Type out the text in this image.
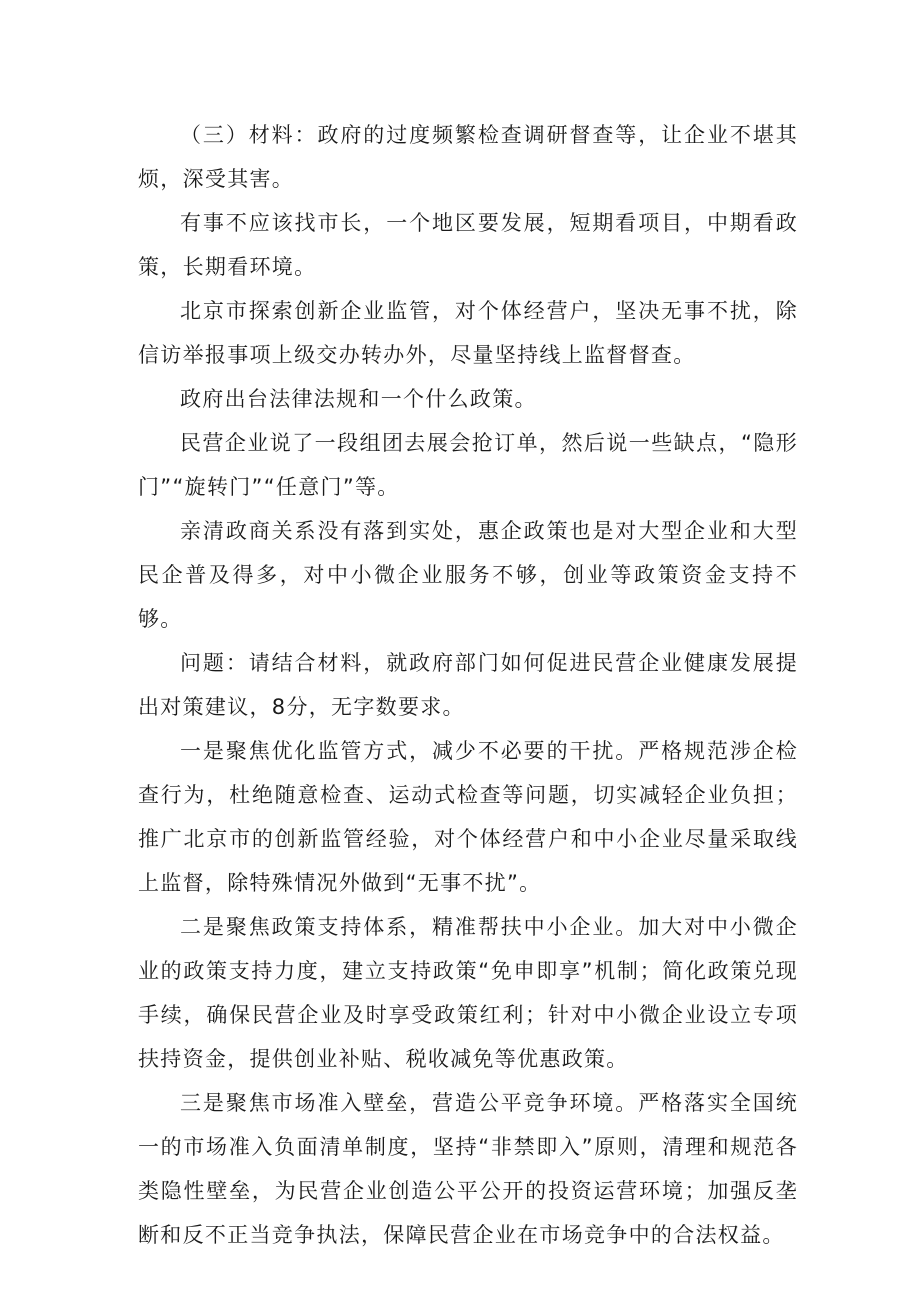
（三）材料：政府的过度频繁检查调研督查等，让企业不堪其烦，深受其害。

有事不应该找市长，一个地区要发展，短期看项目，中期看政策，长期看环境。

北京市探索创新企业监管，对个体经营户，坚决无事不扰，除信访举报事项上级交办转办外，尽量坚持线上监督督查。

政府出台法律法规和一个什么政策。

民营企业说了一段组团去展会抢订单，然后说一些缺点，“隐形门”“旋转门”“任意门”等。

亲清政商关系没有落到实处，惠企政策也是对大型企业和大型民企普及得多，对中小微企业服务不够，创业等政策资金支持不够。

问题：请结合材料，就政府部门如何促进民营企业健康发展提出对策建议，8分，无字数要求。

一是聚焦优化监管方式，减少不必要的干扰。严格规范涉企检查行为，杜绝随意检查、运动式检查等问题，切实减轻企业负担；推广北京市的创新监管经验，对个体经营户和中小企业尽量采取线上监督，除特殊情况外做到“无事不扰”。

二是聚焦政策支持体系，精准帮扶中小企业。加大对中小微企业的政策支持力度，建立支持政策“免申即享”机制；简化政策兑现手续，确保民营企业及时享受政策红利；针对中小微企业设立专项扶持资金，提供创业补贴、税收减免等优惠政策。

三是聚焦市场准入壁垒，营造公平竞争环境。严格落实全国统一的市场准入负面清单制度，坚持“非禁即入”原则，清理和规范各类隐性壁垒，为民营企业创造公平公开的投资运营环境；加强反垄断和反不正当竞争执法，保障民营企业在市场竞争中的合法权益。
